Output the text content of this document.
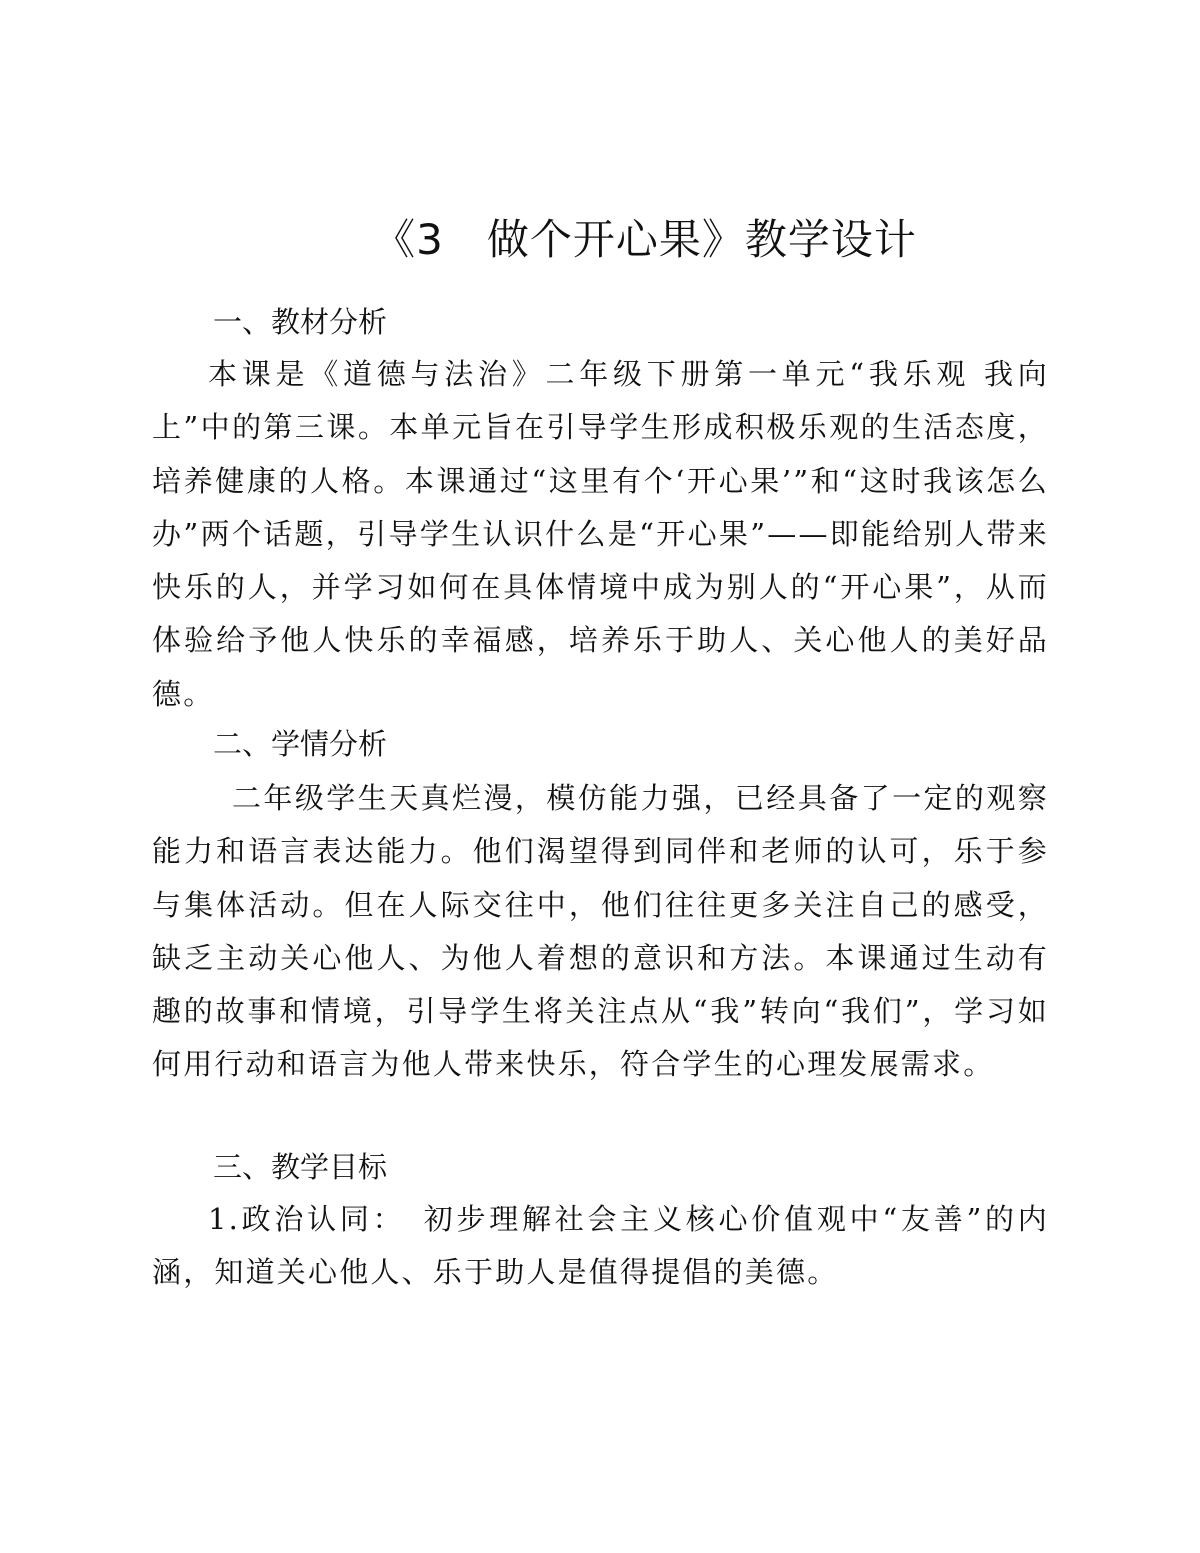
《3　做个开心果》教学设计
一、教材分析

本课是《道德与法治》二年级下册第一单元“我乐观 我向上”中的第三课。本单元旨在引导学生形成积极乐观的生活态度，培养健康的人格。本课通过“这里有个‘开心果’”和“这时我该怎么办”两个话题，引导学生认识什么是“开心果”——即能给别人带来快乐的人，并学习如何在具体情境中成为别人的“开心果”，从而体验给予他人快乐的幸福感，培养乐于助人、关心他人的美好品德。

二、学情分析

二年级学生天真烂漫，模仿能力强，已经具备了一定的观察能力和语言表达能力。他们渴望得到同伴和老师的认可，乐于参与集体活动。但在人际交往中，他们往往更多关注自己的感受，缺乏主动关心他人、为他人着想的意识和方法。本课通过生动有趣的故事和情境，引导学生将关注点从“我”转向“我们”，学习如何用行动和语言为他人带来快乐，符合学生的心理发展需求。

三、教学目标

1.政治认同：　初步理解社会主义核心价值观中“友善”的内涵，知道关心他人、乐于助人是值得提倡的美德。
